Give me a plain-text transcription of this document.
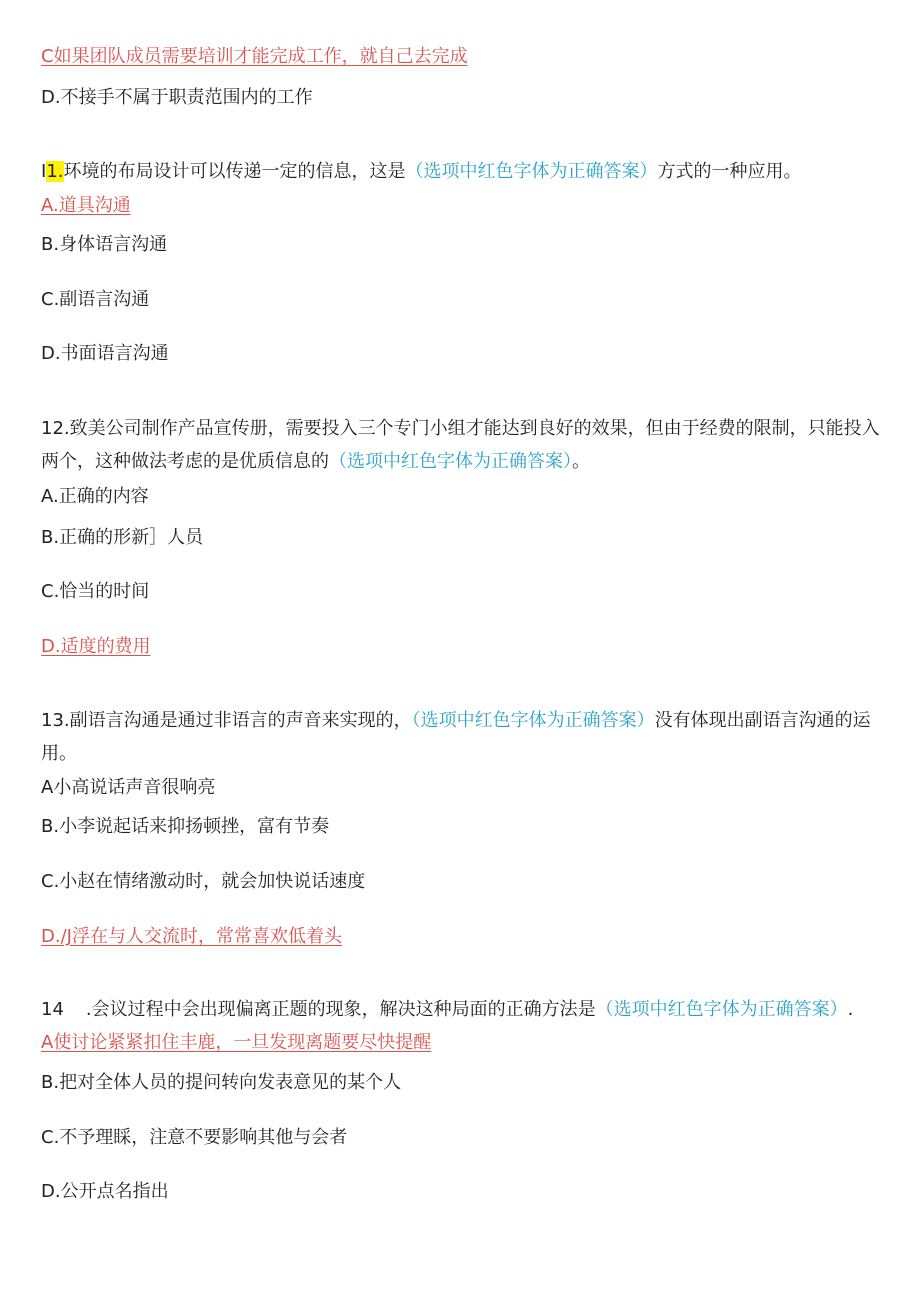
C如果团队成员需要培训才能完成工作，就自己去完成
D.不接手不属于职责范围内的工作
I1.环境的布局设计可以传递一定的信息，这是（选项中红色字体为正确答案）方式的一种应用。
A.道具沟通
B.身体语言沟通
C.副语言沟通
D.书面语言沟通
12.致美公司制作产品宣传册，需要投入三个专门小组才能达到良好的效果，但由于经费的限制，只能投入两个，这种做法考虑的是优质信息的（选项中红色字体为正确答案）。
A.正确的内容
B.正确的形新］人员
C.恰当的时间
D.适度的费用
13.副语言沟通是通过非语言的声音来实现的，（选项中红色字体为正确答案）没有体现出副语言沟通的运用。
A小高说话声音很响亮
B.小李说起话来抑扬顿挫，富有节奏
C.小赵在情绪激动时，就会加快说话速度
D./J浮在与人交流时，常常喜欢低着头
14 .会议过程中会出现偏离正题的现象，解决这种局面的正确方法是（选项中红色字体为正确答案）.
A使讨论紧紧扣住丰鹿，一旦发现离题要尽快提醒
B.把对全体人员的提问转向发表意见的某个人
C.不予理睬，注意不要影响其他与会者
D.公开点名指出
